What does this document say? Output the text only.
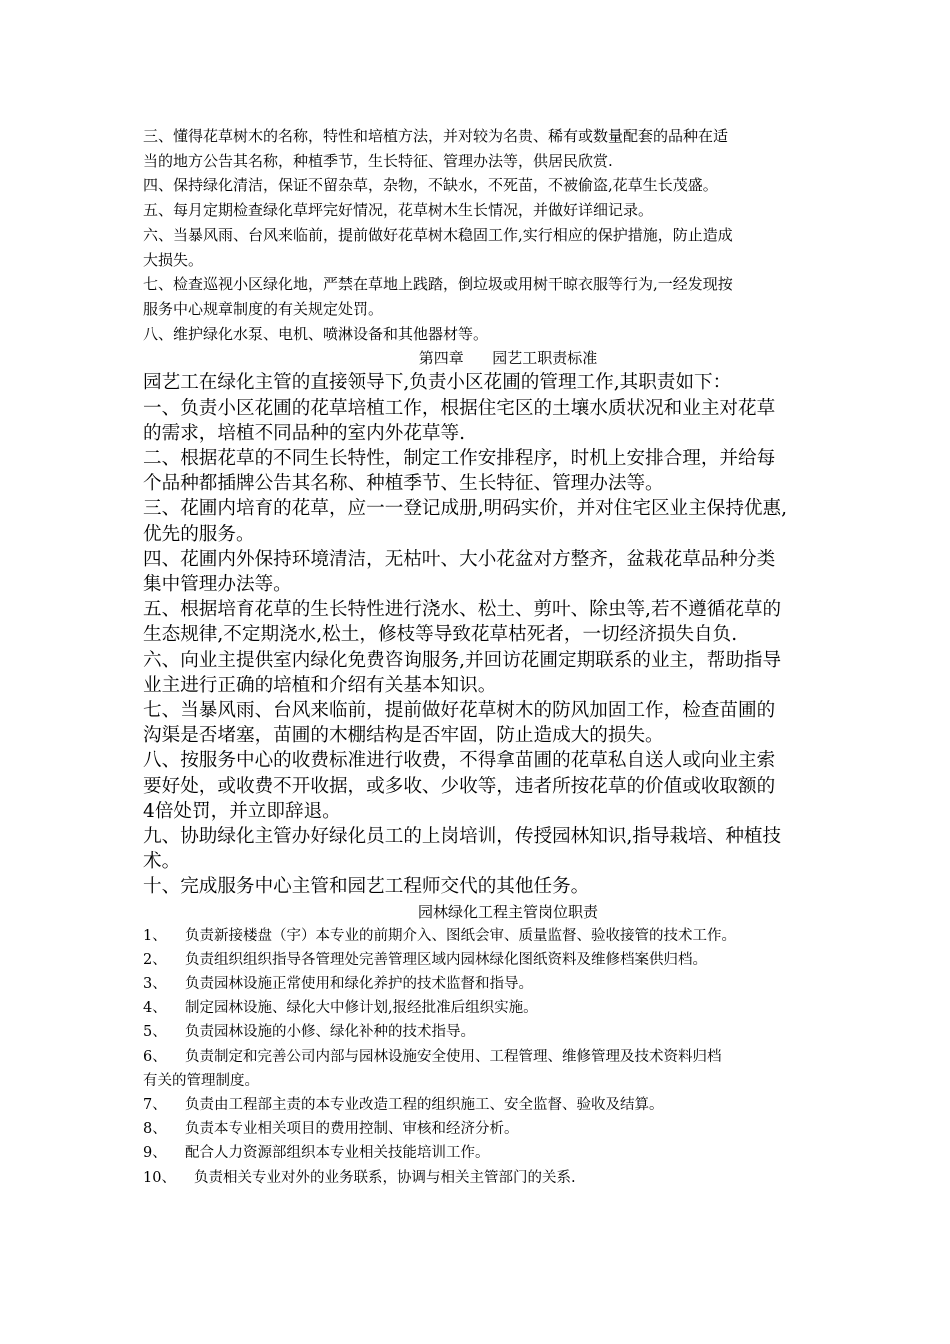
三、懂得花草树木的名称，特性和培植方法，并对较为名贵、稀有或数量配套的品种在适

当的地方公告其名称，种植季节，生长特征、管理办法等，供居民欣赏.

四、保持绿化清洁，保证不留杂草，杂物，不缺水，不死苗，不被偷盗,花草生长茂盛。

五、每月定期检查绿化草坪完好情况，花草树木生长情况，并做好详细记录。

六、当暴风雨、台风来临前，提前做好花草树木稳固工作,实行相应的保护措施，防止造成

大损失。

七、检查巡视小区绿化地，严禁在草地上践踏，倒垃圾或用树干晾衣服等行为,一经发现按

服务中心规章制度的有关规定处罚。

八、维护绿化水泵、电机、喷淋设备和其他器材等。

第四章      园艺工职责标准

园艺工在绿化主管的直接领导下,负责小区花圃的管理工作,其职责如下：

一、负责小区花圃的花草培植工作，根据住宅区的土壤水质状况和业主对花草

的需求，培植不同品种的室内外花草等.

二、根据花草的不同生长特性，制定工作安排程序，时机上安排合理，并给每

个品种都插牌公告其名称、种植季节、生长特征、管理办法等。

三、花圃内培育的花草，应一一登记成册,明码实价，并对住宅区业主保持优惠,

优先的服务。

四、花圃内外保持环境清洁，无枯叶、大小花盆对方整齐，盆栽花草品种分类

集中管理办法等。

五、根据培育花草的生长特性进行浇水、松土、剪叶、除虫等,若不遵循花草的

生态规律,不定期浇水,松土，修枝等导致花草枯死者，一切经济损失自负.

六、向业主提供室内绿化免费咨询服务,并回访花圃定期联系的业主，帮助指导

业主进行正确的培植和介绍有关基本知识。

七、当暴风雨、台风来临前，提前做好花草树木的防风加固工作，检查苗圃的

沟渠是否堵塞，苗圃的木棚结构是否牢固，防止造成大的损失。

八、按服务中心的收费标准进行收费，不得拿苗圃的花草私自送人或向业主索

要好处，或收费不开收据，或多收、少收等，违者所按花草的价值或收取额的

4倍处罚，并立即辞退。

九、协助绿化主管办好绿化员工的上岗培训，传授园林知识,指导栽培、种植技

术。

十、完成服务中心主管和园艺工程师交代的其他任务。

园林绿化工程主管岗位职责

1、	负责新接楼盘（宇）本专业的前期介入、图纸会审、质量监督、验收接管的技术工作。
2、	负责组织组织指导各管理处完善管理区域内园林绿化图纸资料及维修档案供归档。
3、	负责园林设施正常使用和绿化养护的技术监督和指导。
4、	制定园林设施、绿化大中修计划,报经批准后组织实施。
5、	负责园林设施的小修、绿化补种的技术指导。
6、	负责制定和完善公司内部与园林设施安全使用、工程管理、维修管理及技术资料归档
有关的管理制度。
7、	负责由工程部主责的本专业改造工程的组织施工、安全监督、验收及结算。
8、	负责本专业相关项目的费用控制、审核和经济分析。
9、	配合人力资源部组织本专业相关技能培训工作。
10、	负责相关专业对外的业务联系，协调与相关主管部门的关系.
